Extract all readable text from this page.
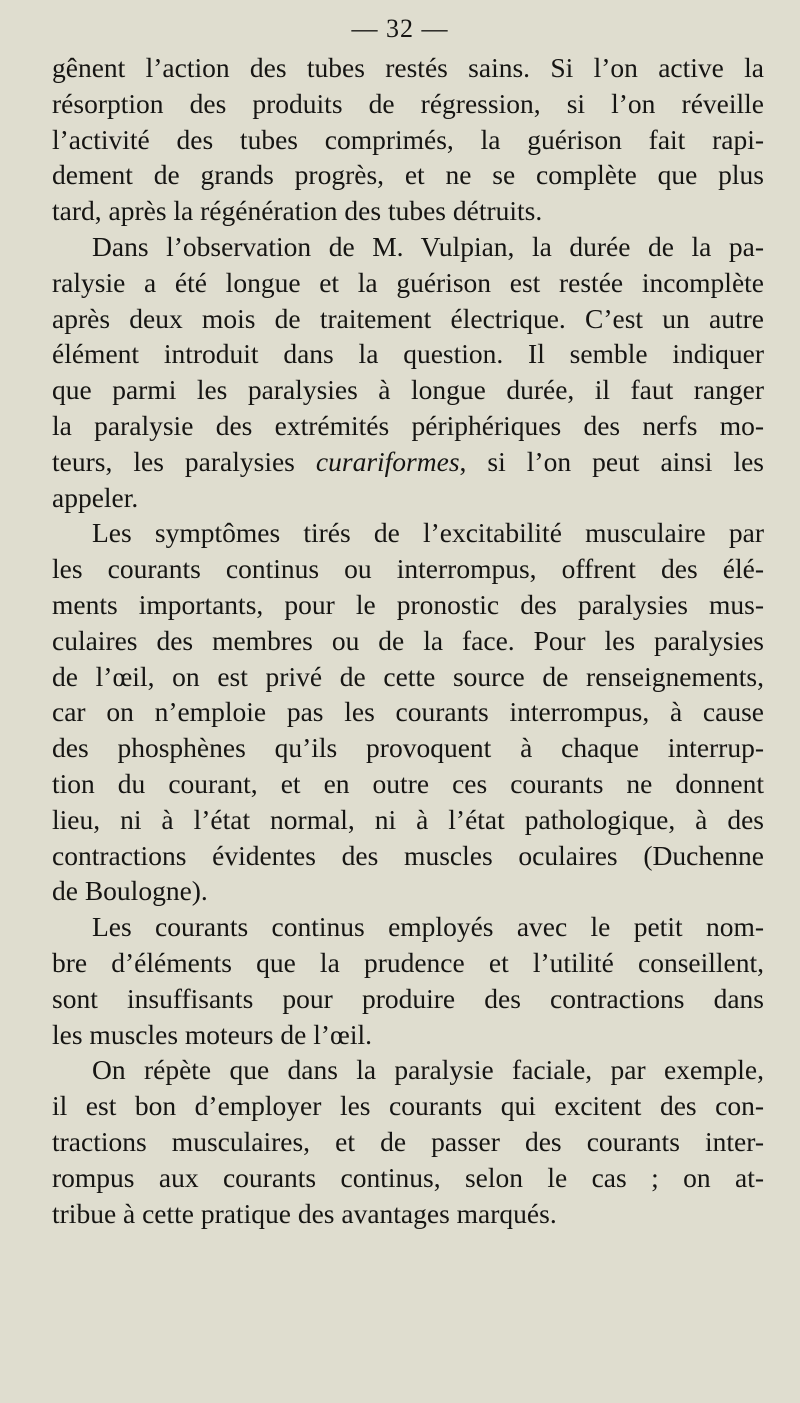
— 32 —
gênent l’action des tubes restés sains. Si l’on active la
résorption des produits de régression, si l’on réveille
l’activité des tubes comprimés, la guérison fait rapi-
dement de grands progrès, et ne se complète que plus
tard, après la régénération des tubes détruits.
Dans l’observation de M. Vulpian, la durée de la pa-
ralysie a été longue et la guérison est restée incomplète
après deux mois de traitement électrique. C’est un autre
élément introduit dans la question. Il semble indiquer
que parmi les paralysies à longue durée, il faut ranger
la paralysie des extrémités périphériques des nerfs mo-
teurs, les paralysies curariformes, si l’on peut ainsi les
appeler.
Les symptômes tirés de l’excitabilité musculaire par
les courants continus ou interrompus, offrent des élé-
ments importants, pour le pronostic des paralysies mus-
culaires des membres ou de la face. Pour les paralysies
de l’œil, on est privé de cette source de renseignements,
car on n’emploie pas les courants interrompus, à cause
des phosphènes qu’ils provoquent à chaque interrup-
tion du courant, et en outre ces courants ne donnent
lieu, ni à l’état normal, ni à l’état pathologique, à des
contractions évidentes des muscles oculaires (Duchenne
de Boulogne).
Les courants continus employés avec le petit nom-
bre d’éléments que la prudence et l’utilité conseillent,
sont insuffisants pour produire des contractions dans
les muscles moteurs de l’œil.
On répète que dans la paralysie faciale, par exemple,
il est bon d’employer les courants qui excitent des con-
tractions musculaires, et de passer des courants inter-
rompus aux courants continus, selon le cas ; on at-
tribue à cette pratique des avantages marqués.
